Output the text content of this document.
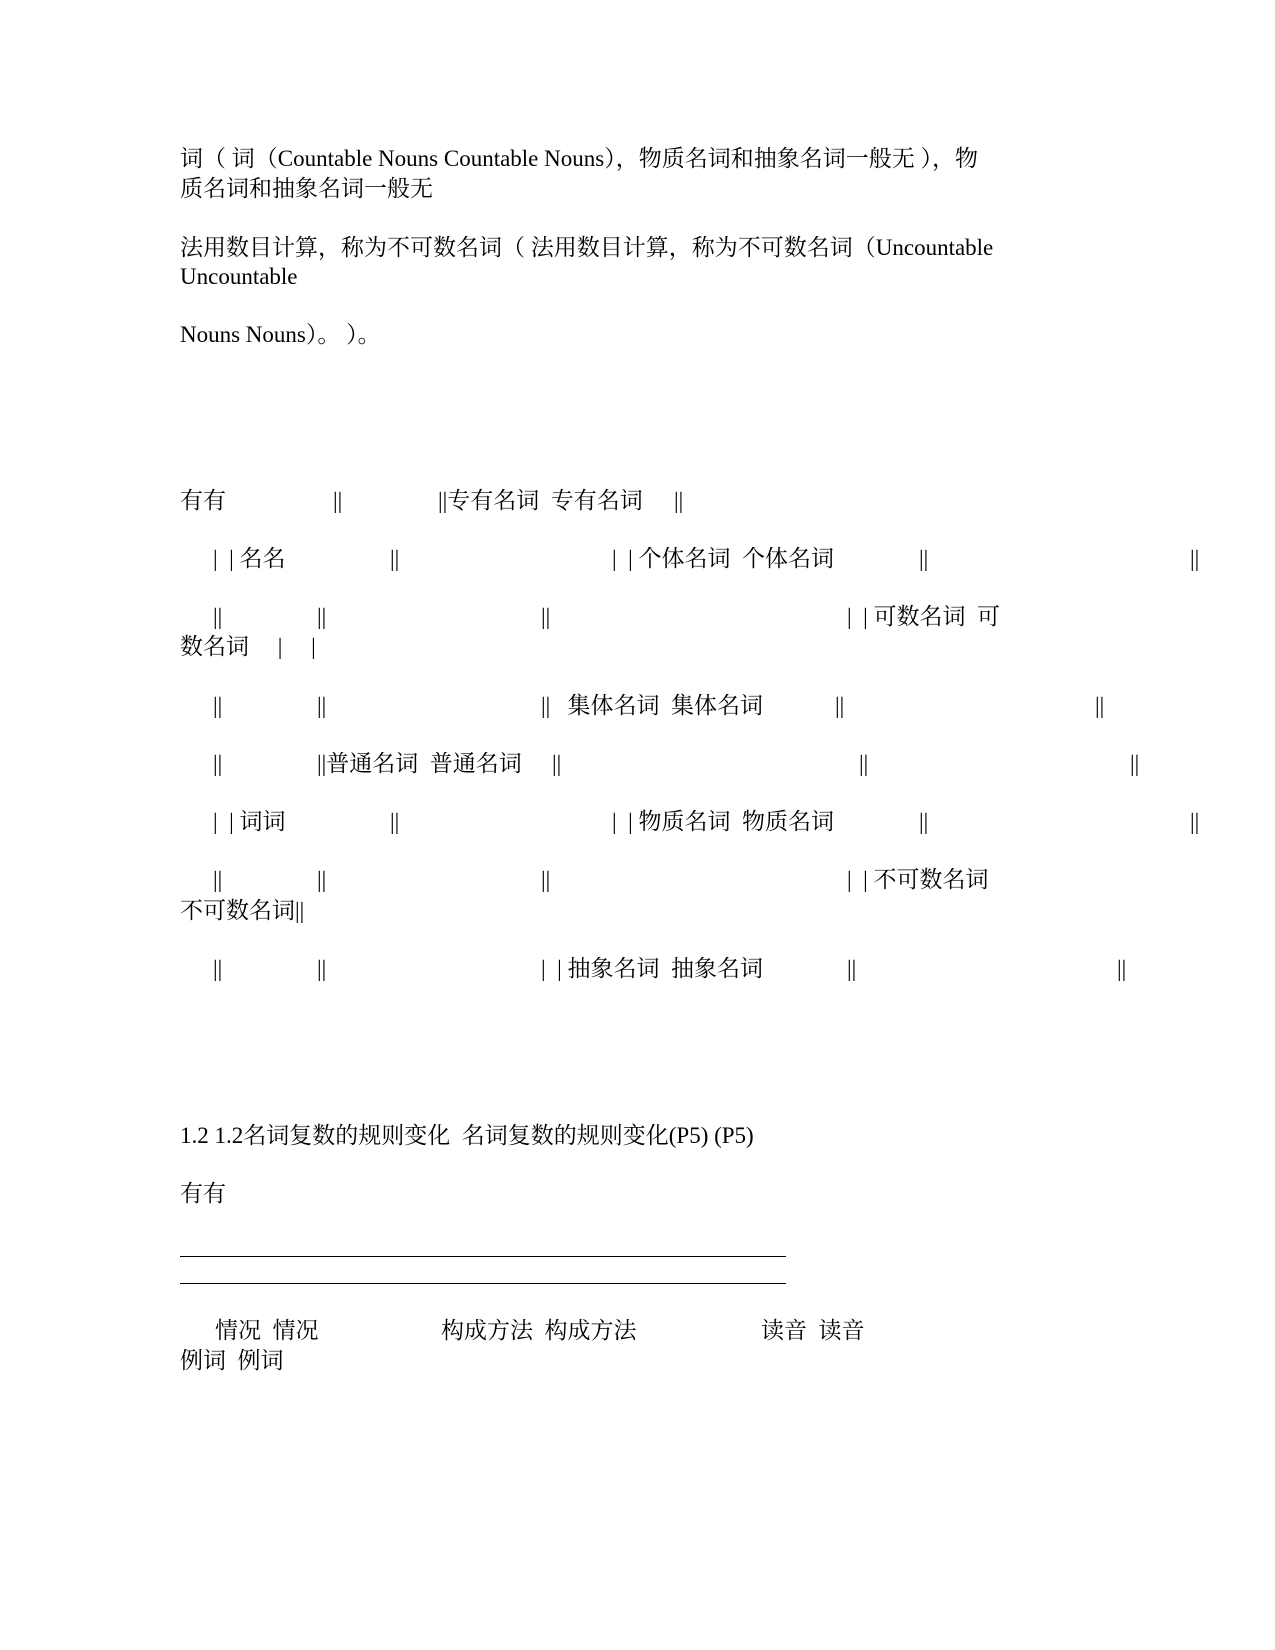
词（ 词（Countable Nouns Countable Nouns），物质名词和抽象名词一般无 ），物
质名词和抽象名词一般无
法用数目计算，称为不可数名词（ 法用数目计算，称为不可数名词（Uncountable
Uncountable
Nouns Nouns）。 ）。
有有	||	||专有名词  专有名词 ||
|  | 名名	||	|  | 个体名词  个体名词	||	||
||	||	||	|  | 可数名词  可
数名词     |     |
||	||	||   集体名词  集体名词	||	||
||	||普通名词  普通名词 ||	||	||
|  | 词词	||	|  | 物质名词  物质名词	||	||
||	||	||	|  | 不可数名词
不可数名词||
||	||	|  | 抽象名词  抽象名词	||	||
1.2 1.2名词复数的规则变化  名词复数的规则变化(P5) (P5)
有有
情况  情况	构成方法  构成方法	读音  读音
例词  例词
